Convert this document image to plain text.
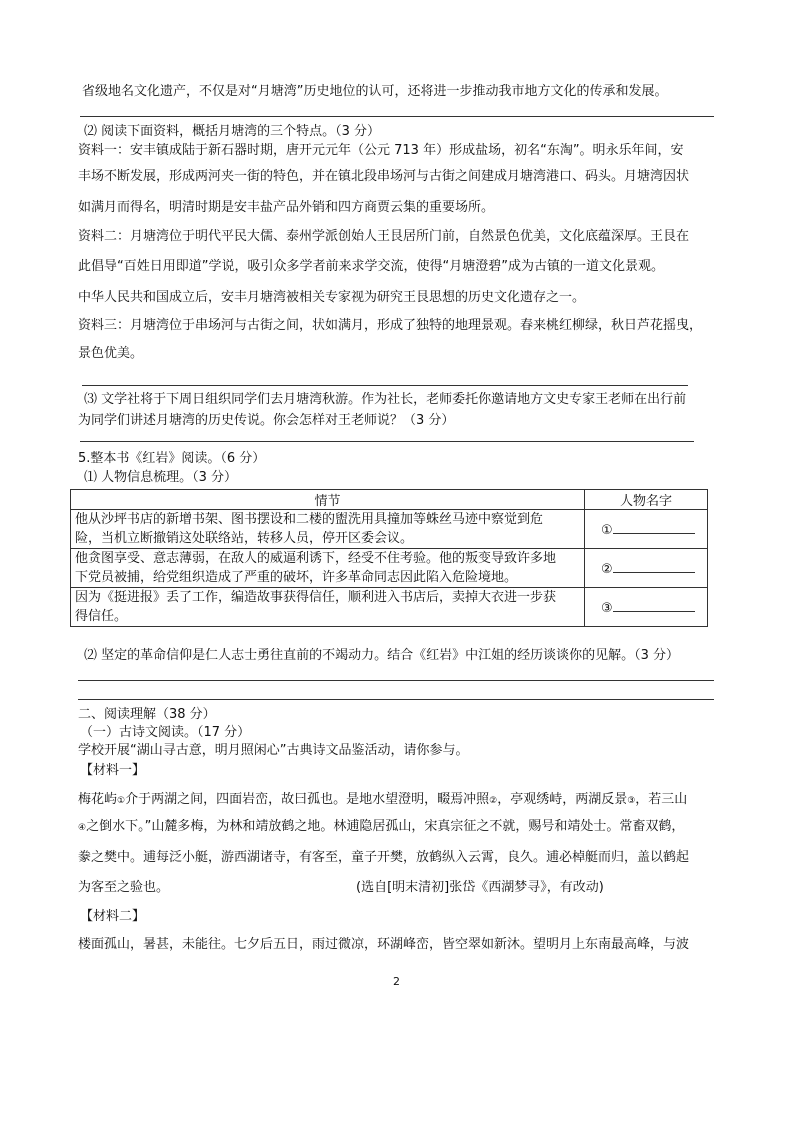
省级地名文化遗产，不仅是对“月塘湾”历史地位的认可，还将进一步推动我市地方文化的传承和发展。
⑵ 阅读下面资料，概括月塘湾的三个特点。（3 分）
资料一：安丰镇成陆于新石器时期，唐开元元年（公元 713 年）形成盐场，初名“东淘”。明永乐年间，安
丰场不断发展，形成两河夹一街的特色，并在镇北段串场河与古街之间建成月塘湾港口、码头。月塘湾因状
如满月而得名，明清时期是安丰盐产品外销和四方商贾云集的重要场所。
资料二：月塘湾位于明代平民大儒、泰州学派创始人王艮居所门前，自然景色优美，文化底蕴深厚。王艮在
此倡导“百姓日用即道”学说，吸引众多学者前来求学交流，使得“月塘澄碧”成为古镇的一道文化景观。
中华人民共和国成立后，安丰月塘湾被相关专家视为研究王艮思想的历史文化遗存之一。
资料三：月塘湾位于串场河与古街之间，状如满月，形成了独特的地理景观。春来桃红柳绿，秋日芦花摇曳，
景色优美。
⑶ 文学社将于下周日组织同学们去月塘湾秋游。作为社长，老师委托你邀请地方文史专家王老师在出行前
为同学们讲述月塘湾的历史传说。你会怎样对王老师说？（3 分）
5.整本书《红岩》阅读。（6 分）
⑴ 人物信息梳理。（3 分）
情节	人物名字

他从沙坪书店的新增书架、图书摆设和二楼的盥洗用具撞加等蛛丝马迹中察觉到危
险，当机立断撤销这处联络站，转移人员，停开区委会议。	①

他贪图享受、意志薄弱，在敌人的威逼利诱下，经受不住考验。他的叛变导致许多地
下党员被捕，给党组织造成了严重的破坏，许多革命同志因此陷入危险境地。	②

因为《挺进报》丢了工作，编造故事获得信任，顺利进入书店后，卖掉大衣进一步获
得信任。	③
⑵ 坚定的革命信仰是仁人志士勇往直前的不竭动力。结合《红岩》中江姐的经历谈谈你的见解。（3 分）
二、阅读理解（38 分）
（一）古诗文阅读。（17 分）
学校开展“湖山寻古意，明月照闲心”古典诗文品鉴活动，请你参与。
【材料一】
梅花屿①介于两湖之间，四面岩峦，故曰孤也。是地水望澄明，畷焉冲照②，亭观绣峙，两湖反景③，若三山
④之倒水下。”山麓多梅，为林和靖放鹤之地。林逋隐居孤山，宋真宗征之不就，赐号和靖处士。常畜双鹤，
豢之樊中。逋每泛小艇，游西湖诸寺，有客至，童子开樊，放鹤纵入云霄，良久。逋必棹艇而归，盖以鹤起
为客至之验也。	(选自[明末清初]张岱《西湖梦寻》，有改动)
【材料二】
楼面孤山，暑甚，未能往。七夕后五日，雨过微凉，环湖峰峦，皆空翠如新沐。望明月上东南最高峰，与波
2
